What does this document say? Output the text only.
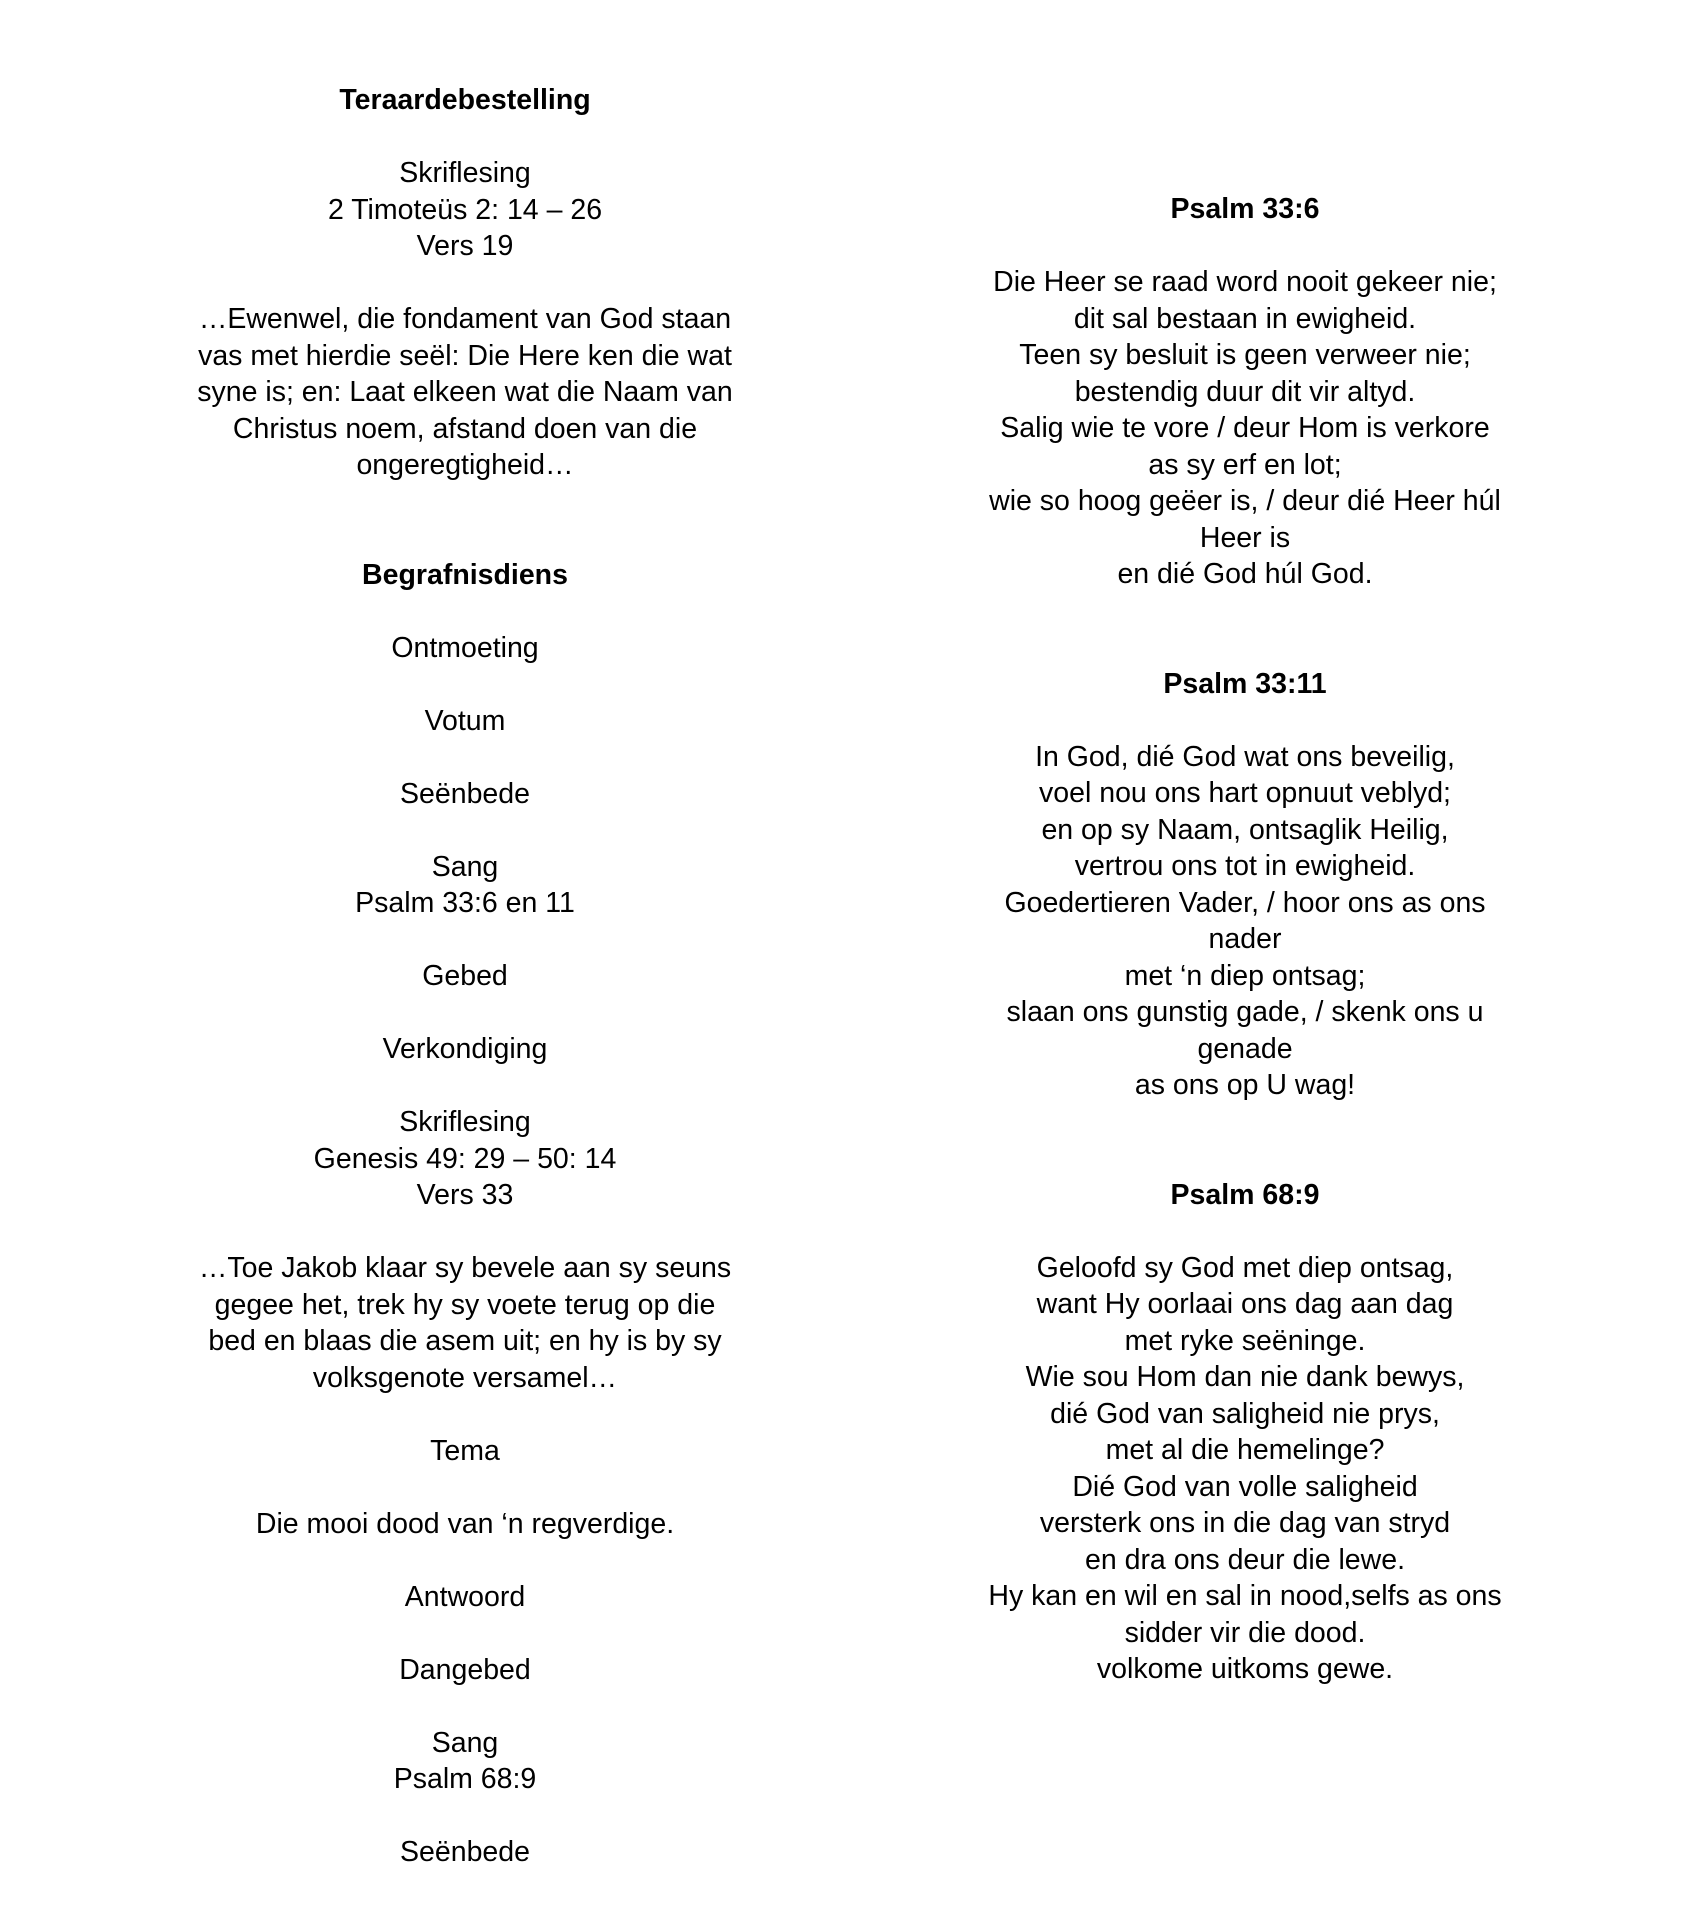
Teraardebestelling
Skriflesing
2 Timoteüs 2: 14 – 26
Vers 19
…Ewenwel, die fondament van God staan
vas met hierdie seël: Die Here ken die wat
syne is; en: Laat elkeen wat die Naam van
Christus noem, afstand doen van die
ongeregtigheid…
Begrafnisdiens
Ontmoeting
Votum
Seënbede
Sang
Psalm 33:6 en 11
Gebed
Verkondiging
Skriflesing
Genesis 49: 29 – 50: 14
Vers 33
…Toe Jakob klaar sy bevele aan sy seuns
gegee het, trek hy sy voete terug op die
bed en blaas die asem uit; en hy is by sy
volksgenote versamel…
Tema
Die mooi dood van ‘n regverdige.
Antwoord
Dangebed
Sang
Psalm 68:9
Seënbede
Psalm 33:6
Die Heer se raad word nooit gekeer nie;
dit sal bestaan in ewigheid.
Teen sy besluit is geen verweer nie;
bestendig duur dit vir altyd.
Salig wie te vore / deur Hom is verkore
as sy erf en lot;
wie so hoog geëer is, / deur dié Heer húl
Heer is
en dié God húl God.
Psalm 33:11
In God, dié God wat ons beveilig,
voel nou ons hart opnuut veblyd;
en op sy Naam, ontsaglik Heilig,
vertrou ons tot in ewigheid.
Goedertieren Vader, / hoor ons as ons
nader
met ‘n diep ontsag;
slaan ons gunstig gade, / skenk ons u
genade
as ons op U wag!
Psalm 68:9
Geloofd sy God met diep ontsag,
want Hy oorlaai ons dag aan dag
met ryke seëninge.
Wie sou Hom dan nie dank bewys,
dié God van saligheid nie prys,
met al die hemelinge?
Dié God van volle saligheid
versterk ons in die dag van stryd
en dra ons deur die lewe.
Hy kan en wil en sal in nood,selfs as ons
sidder vir die dood.
volkome uitkoms gewe.
